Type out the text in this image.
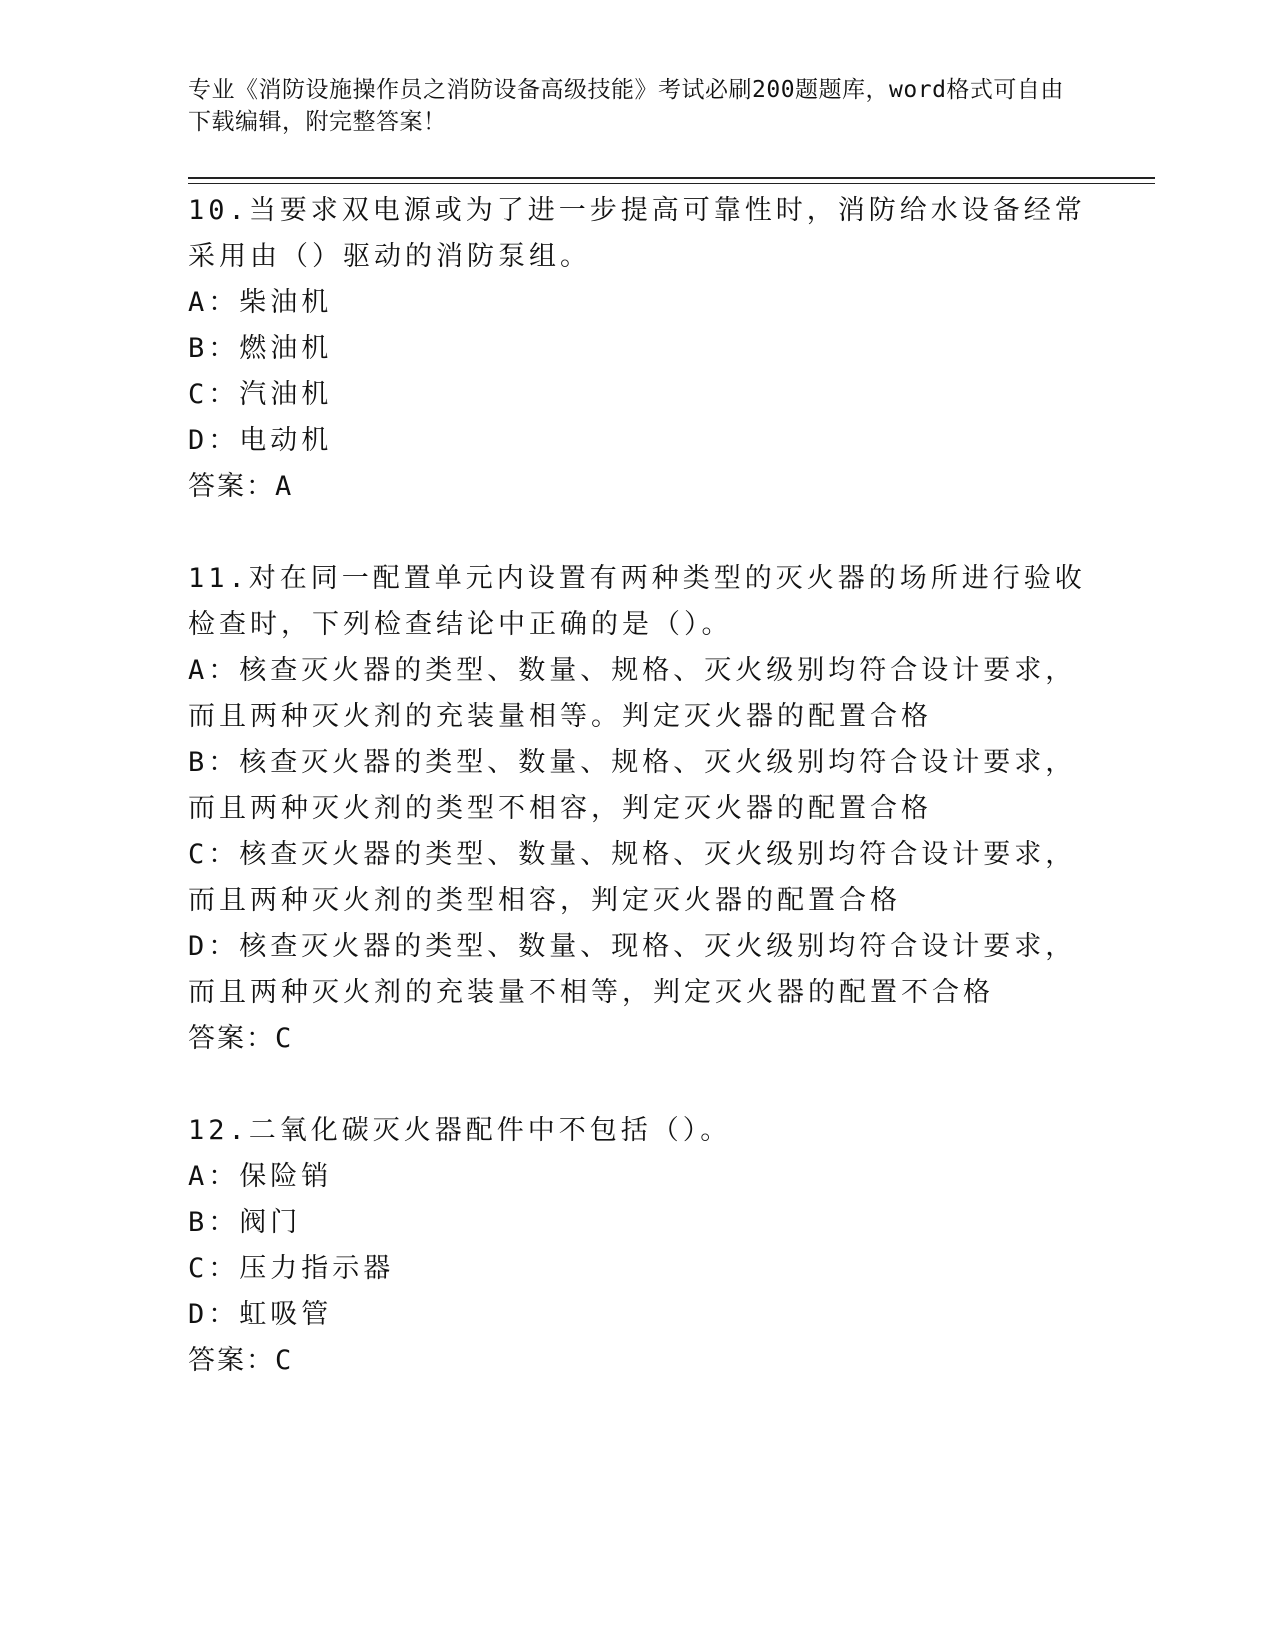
专业《消防设施操作员之消防设备高级技能》考试必刷200题题库，word格式可自由下载编辑，附完整答案！
10.当要求双电源或为了进一步提高可靠性时，消防给水设备经常采用由（）驱动的消防泵组。
A：柴油机
B：燃油机
C：汽油机
D：电动机
答案：A
11.对在同一配置单元内设置有两种类型的灭火器的场所进行验收检查时，下列检查结论中正确的是（）。
A：核查灭火器的类型、数量、规格、灭火级别均符合设计要求，而且两种灭火剂的充装量相等。判定灭火器的配置合格
B：核查灭火器的类型、数量、规格、灭火级别均符合设计要求，而且两种灭火剂的类型不相容，判定灭火器的配置合格
C：核查灭火器的类型、数量、规格、灭火级别均符合设计要求，而且两种灭火剂的类型相容，判定灭火器的配置合格
D：核查灭火器的类型、数量、现格、灭火级别均符合设计要求，而且两种灭火剂的充装量不相等，判定灭火器的配置不合格
答案：C
12.二氧化碳灭火器配件中不包括（）。
A：保险销
B：阀门
C：压力指示器
D：虹吸管
答案：C
